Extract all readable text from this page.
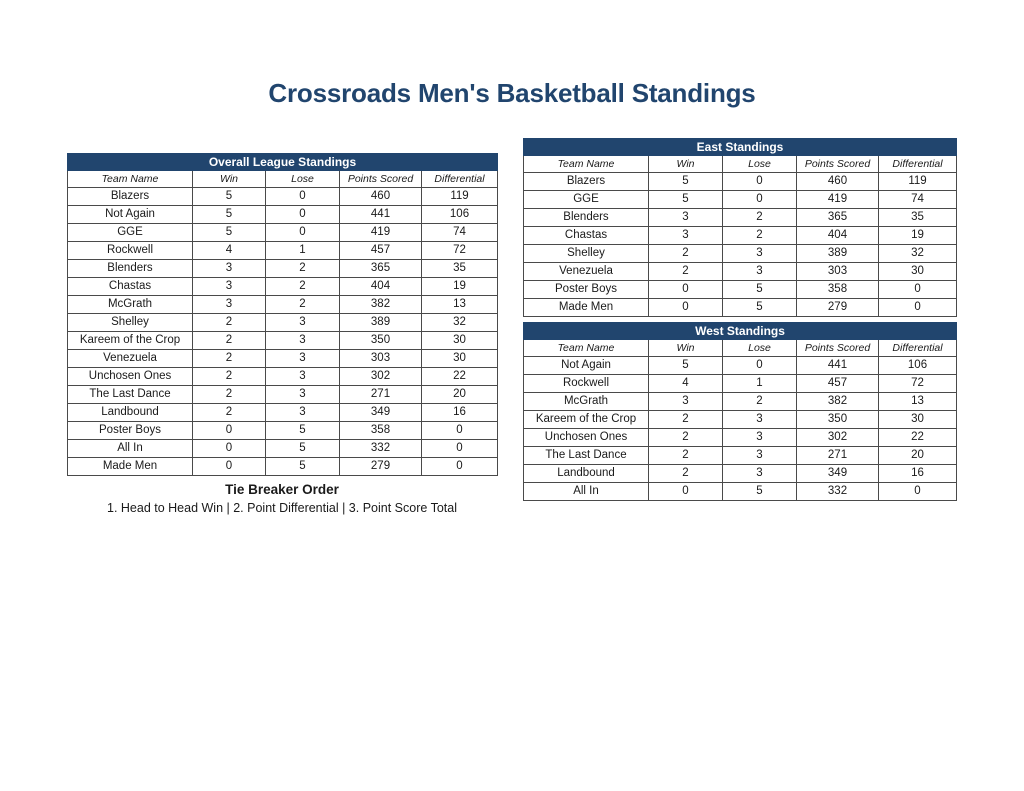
Crossroads Men's Basketball Standings
Overall League Standings				
Team Name	Win	Lose	Points Scored	Differential
Blazers	5	0	460	119
Not Again	5	0	441	106
GGE	5	0	419	74
Rockwell	4	1	457	72
Blenders	3	2	365	35
Chastas	3	2	404	19
McGrath	3	2	382	13
Shelley	2	3	389	32
Kareem of the Crop	2	3	350	30
Venezuela	2	3	303	30
Unchosen Ones	2	3	302	22
The Last Dance	2	3	271	20
Landbound	2	3	349	16
Poster Boys	0	5	358	0
All In	0	5	332	0
Made Men	0	5	279	0
East Standings				
Team Name	Win	Lose	Points Scored	Differential
Blazers	5	0	460	119
GGE	5	0	419	74
Blenders	3	2	365	35
Chastas	3	2	404	19
Shelley	2	3	389	32
Venezuela	2	3	303	30
Poster Boys	0	5	358	0
Made Men	0	5	279	0
West Standings				
Team Name	Win	Lose	Points Scored	Differential
Not Again	5	0	441	106
Rockwell	4	1	457	72
McGrath	3	2	382	13
Kareem of the Crop	2	3	350	30
Unchosen Ones	2	3	302	22
The Last Dance	2	3	271	20
Landbound	2	3	349	16
All In	0	5	332	0
Tie Breaker Order
1. Head to Head Win | 2. Point Differential | 3. Point Score Total
